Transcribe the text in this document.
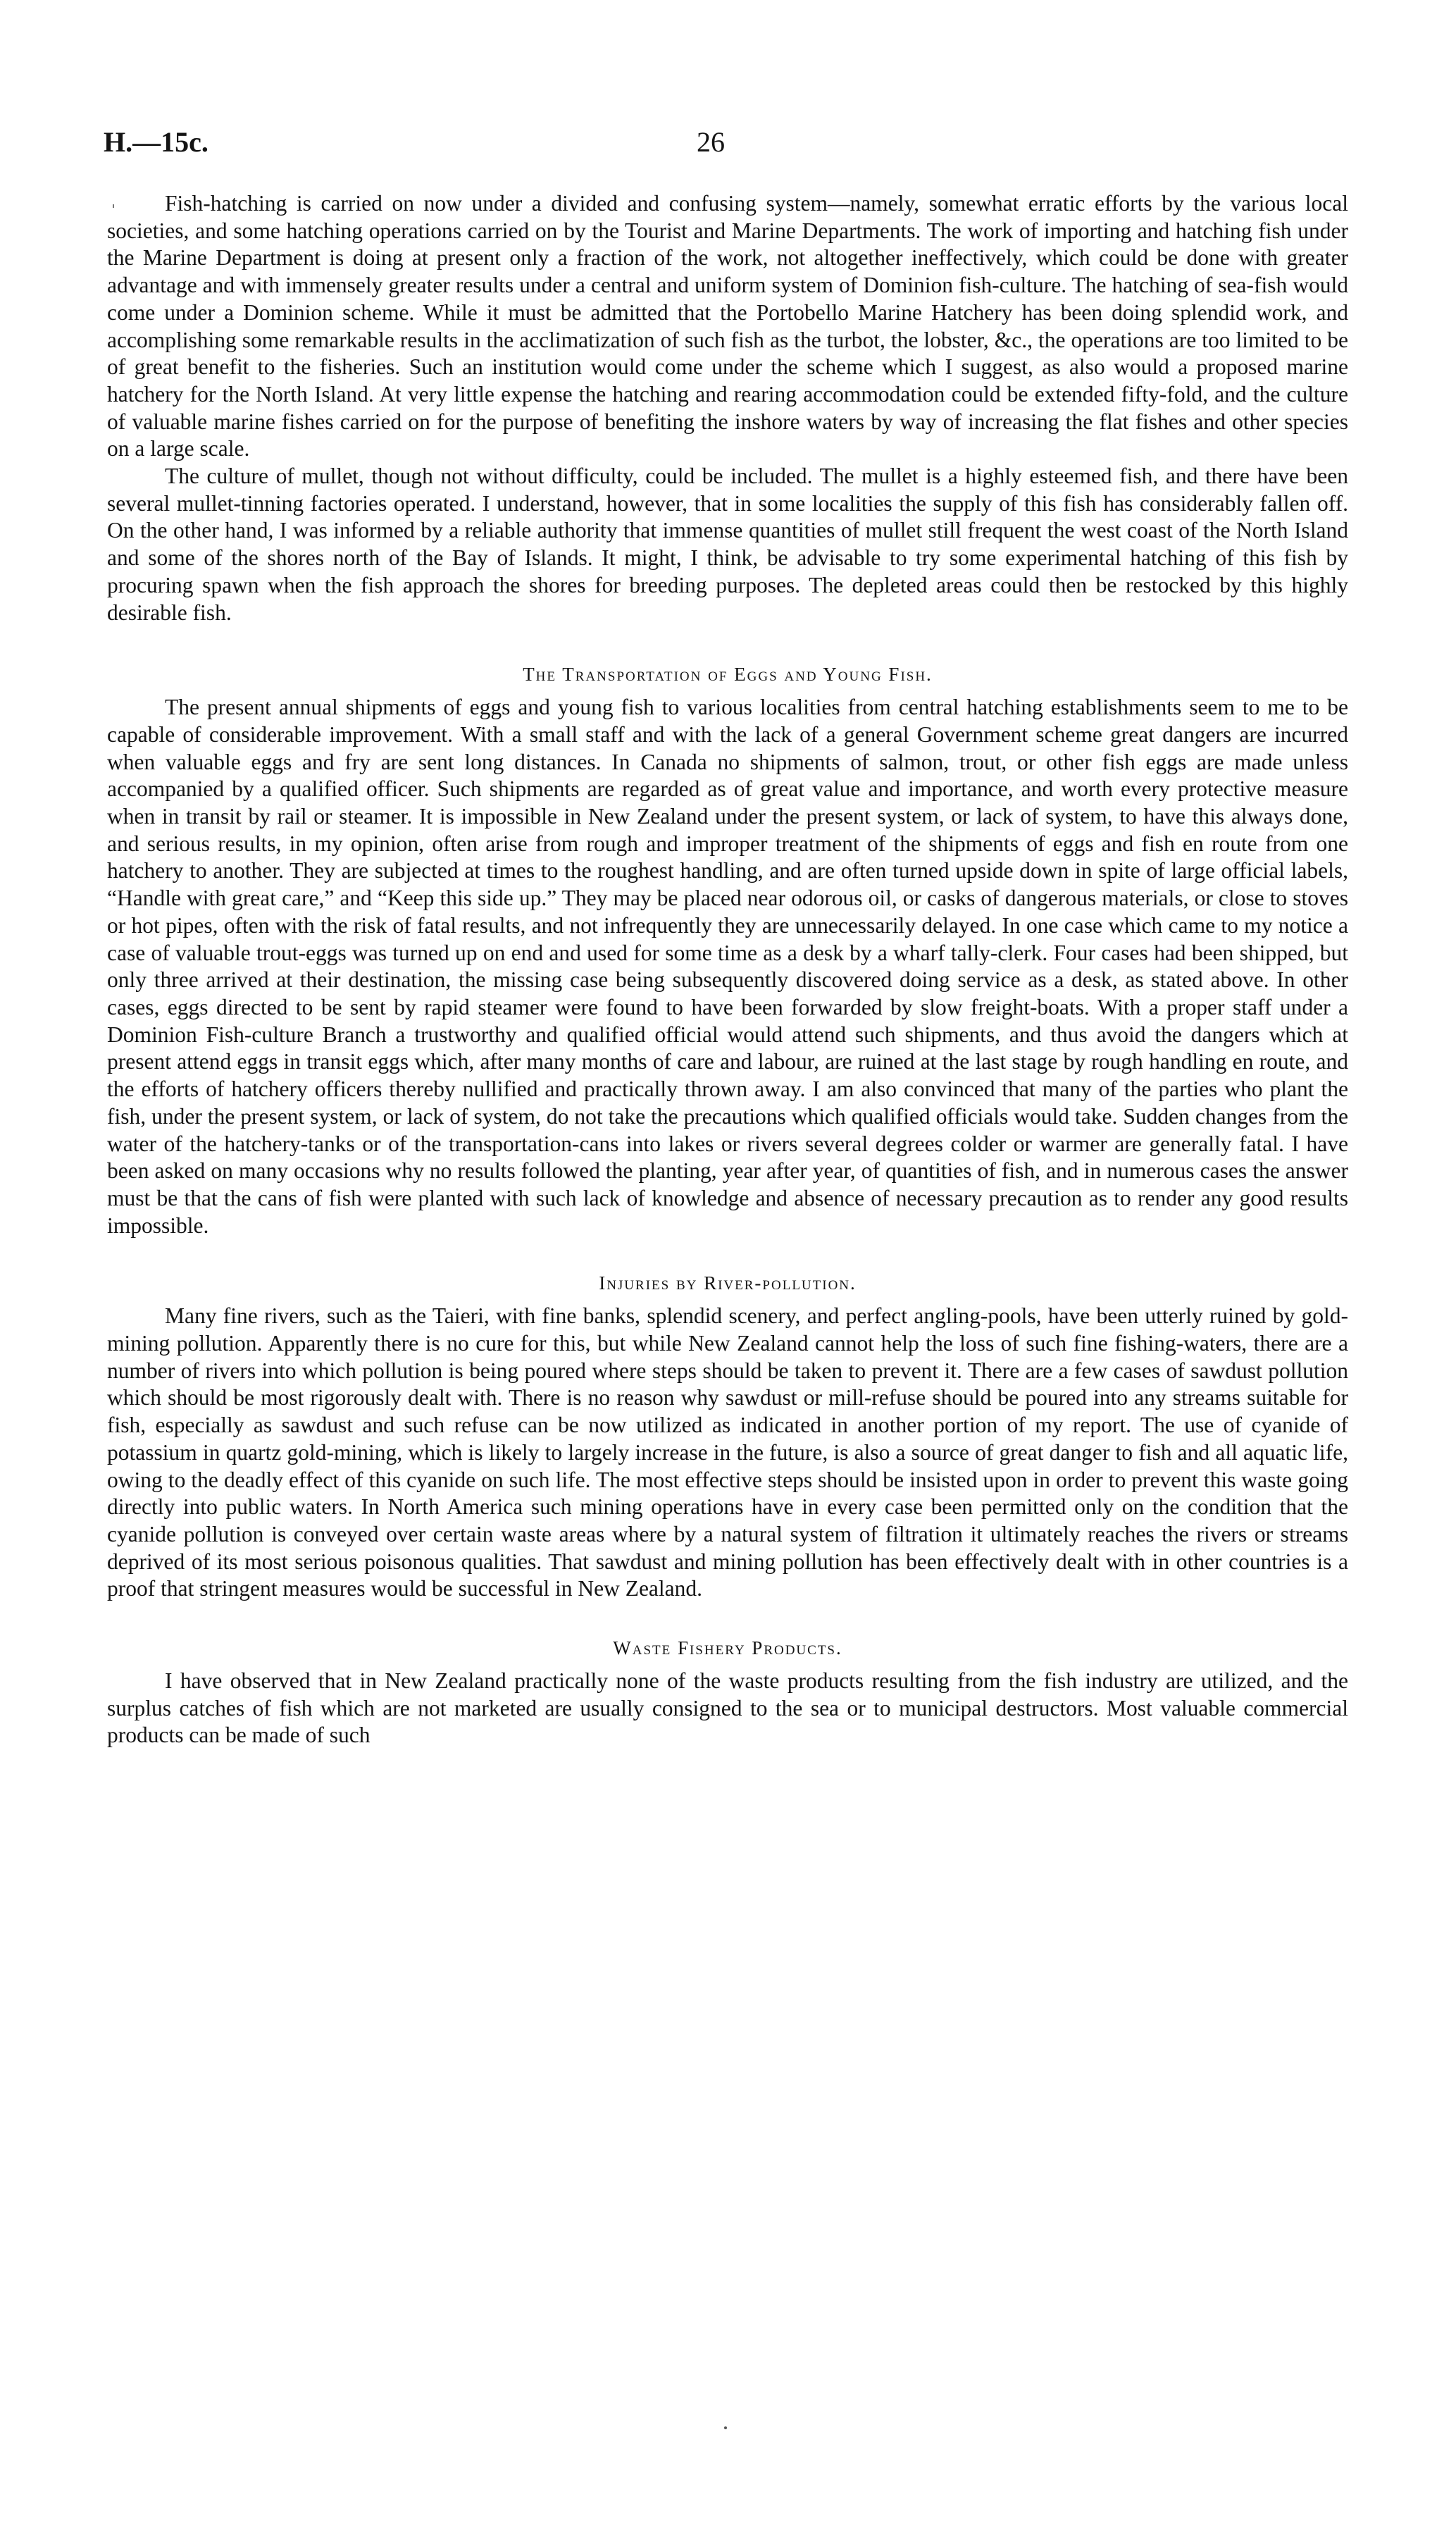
H.—15c.	26

Fish-hatching is carried on now under a divided and confusing system—namely, somewhat erratic efforts by the various local societies, and some hatching operations carried on by the Tourist and Marine Departments. The work of importing and hatching fish under the Marine Department is doing at present only a fraction of the work, not altogether ineffectively, which could be done with greater advantage and with immensely greater results under a central and uniform system of Dominion fish-culture. The hatching of sea-fish would come under a Dominion scheme. While it must be admitted that the Portobello Marine Hatchery has been doing splendid work, and accomplishing some remarkable results in the acclimatization of such fish as the turbot, the lobster, &c., the operations are too limited to be of great benefit to the fisheries. Such an institution would come under the scheme which I suggest, as also would a proposed marine hatchery for the North Island. At very little expense the hatching and rearing accommodation could be extended fifty-fold, and the culture of valuable marine fishes carried on for the purpose of benefiting the inshore waters by way of increasing the flat fishes and other species on a large scale.

The culture of mullet, though not without difficulty, could be included. The mullet is a highly esteemed fish, and there have been several mullet-tinning factories operated. I understand, however, that in some localities the supply of this fish has considerably fallen off. On the other hand, I was informed by a reliable authority that immense quantities of mullet still frequent the west coast of the North Island and some of the shores north of the Bay of Islands. It might, I think, be advisable to try some experimental hatching of this fish by procuring spawn when the fish approach the shores for breeding purposes. The depleted areas could then be restocked by this highly desirable fish.

The Transportation of Eggs and Young Fish.

The present annual shipments of eggs and young fish to various localities from central hatching establishments seem to me to be capable of considerable improvement. With a small staff and with the lack of a general Government scheme great dangers are incurred when valuable eggs and fry are sent long distances. In Canada no shipments of salmon, trout, or other fish eggs are made unless accompanied by a qualified officer. Such shipments are regarded as of great value and importance, and worth every protective measure when in transit by rail or steamer. It is impossible in New Zealand under the present system, or lack of system, to have this always done, and serious results, in my opinion, often arise from rough and improper treatment of the shipments of eggs and fish en route from one hatchery to another. They are subjected at times to the roughest handling, and are often turned upside down in spite of large official labels, “Handle with great care,” and “Keep this side up.” They may be placed near odorous oil, or casks of dangerous materials, or close to stoves or hot pipes, often with the risk of fatal results, and not infrequently they are unnecessarily delayed. In one case which came to my notice a case of valuable trout-eggs was turned up on end and used for some time as a desk by a wharf tally-clerk. Four cases had been shipped, but only three arrived at their destination, the missing case being subsequently discovered doing service as a desk, as stated above. In other cases, eggs directed to be sent by rapid steamer were found to have been forwarded by slow freight-boats. With a proper staff under a Dominion Fish-culture Branch a trustworthy and qualified official would attend such shipments, and thus avoid the dangers which at present attend eggs in transit eggs which, after many months of care and labour, are ruined at the last stage by rough handling en route, and the efforts of hatchery officers thereby nullified and practically thrown away. I am also convinced that many of the parties who plant the fish, under the present system, or lack of system, do not take the precautions which qualified officials would take. Sudden changes from the water of the hatchery-tanks or of the transportation-cans into lakes or rivers several degrees colder or warmer are generally fatal. I have been asked on many occasions why no results followed the planting, year after year, of quantities of fish, and in numerous cases the answer must be that the cans of fish were planted with such lack of knowledge and absence of necessary precaution as to render any good results impossible.

Injuries by River-pollution.

Many fine rivers, such as the Taieri, with fine banks, splendid scenery, and perfect angling-pools, have been utterly ruined by gold-mining pollution. Apparently there is no cure for this, but while New Zealand cannot help the loss of such fine fishing-waters, there are a number of rivers into which pollution is being poured where steps should be taken to prevent it. There are a few cases of sawdust pollution which should be most rigorously dealt with. There is no reason why sawdust or mill-refuse should be poured into any streams suitable for fish, especially as sawdust and such refuse can be now utilized as indicated in another portion of my report. The use of cyanide of potassium in quartz gold-mining, which is likely to largely increase in the future, is also a source of great danger to fish and all aquatic life, owing to the deadly effect of this cyanide on such life. The most effective steps should be insisted upon in order to prevent this waste going directly into public waters. In North America such mining operations have in every case been permitted only on the condition that the cyanide pollution is conveyed over certain waste areas where by a natural system of filtration it ultimately reaches the rivers or streams deprived of its most serious poisonous qualities. That sawdust and mining pollution has been effectively dealt with in other countries is a proof that stringent measures would be successful in New Zealand.

Waste Fishery Products.

I have observed that in New Zealand practically none of the waste products resulting from the fish industry are utilized, and the surplus catches of fish which are not marketed are usually consigned to the sea or to municipal destructors. Most valuable commercial products can be made of such
